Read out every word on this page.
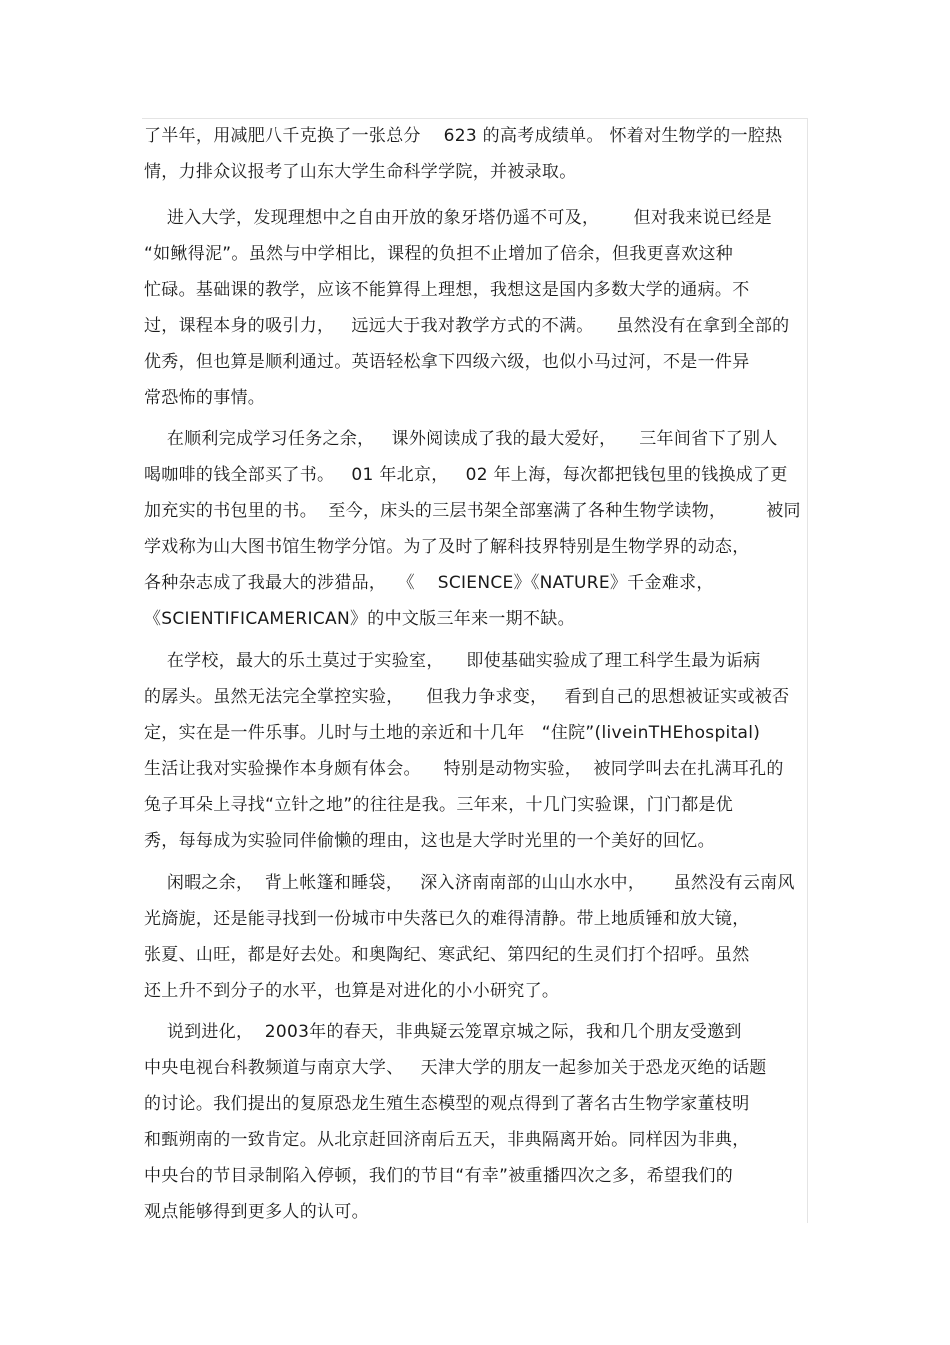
了半年，用减肥八千克换了一张总分    623 的高考成绩单。 怀着对生物学的一腔热
情，力排众议报考了山东大学生命科学学院，并被录取。
进入大学，发现理想中之自由开放的象牙塔仍遥不可及，      但对我来说已经是
“如鳅得泥”。虽然与中学相比，课程的负担不止增加了倍余，但我更喜欢这种
忙碌。基础课的教学，应该不能算得上理想，我想这是国内多数大学的通病。不
过，课程本身的吸引力，   远远大于我对教学方式的不满。    虽然没有在拿到全部的
优秀，但也算是顺利通过。英语轻松拿下四级六级，也似小马过河，不是一件异
常恐怖的事情。
在顺利完成学习任务之余，   课外阅读成了我的最大爱好，    三年间省下了别人
喝咖啡的钱全部买了书。   01 年北京，   02 年上海，每次都把钱包里的钱换成了更
加充实的书包里的书。  至今，床头的三层书架全部塞满了各种生物学读物，       被同
学戏称为山大图书馆生物学分馆。为了及时了解科技界特别是生物学界的动态，
各种杂志成了我最大的涉猎品，  《    SCIENCE》《NATURE》千金难求，
《SCIENTIFICAMERICAN》的中文版三年来一期不缺。
在学校，最大的乐土莫过于实验室，    即使基础实验成了理工科学生最为诟病
的孱头。虽然无法完全掌控实验，    但我力争求变，   看到自己的思想被证实或被否
定，实在是一件乐事。儿时与土地的亲近和十几年   “住院”(liveinTHEhospital)
生活让我对实验操作本身颇有体会。    特别是动物实验，  被同学叫去在扎满耳孔的
兔子耳朵上寻找“立针之地”的往往是我。三年来，十几门实验课，门门都是优
秀，每每成为实验同伴偷懒的理由，这也是大学时光里的一个美好的回忆。
闲暇之余，  背上帐篷和睡袋，   深入济南南部的山山水水中，     虽然没有云南风
光旖旎，还是能寻找到一份城市中失落已久的难得清静。带上地质锤和放大镜，
张夏、山旺，都是好去处。和奥陶纪、寒武纪、第四纪的生灵们打个招呼。虽然
还上升不到分子的水平，也算是对进化的小小研究了。
说到进化，  2003年的春天，非典疑云笼罩京城之际，我和几个朋友受邀到
中央电视台科教频道与南京大学、   天津大学的朋友一起参加关于恐龙灭绝的话题
的讨论。我们提出的复原恐龙生殖生态模型的观点得到了著名古生物学家董枝明
和甄朔南的一致肯定。从北京赶回济南后五天，非典隔离开始。同样因为非典，
中央台的节目录制陷入停顿，我们的节目“有幸”被重播四次之多，希望我们的
观点能够得到更多人的认可。
